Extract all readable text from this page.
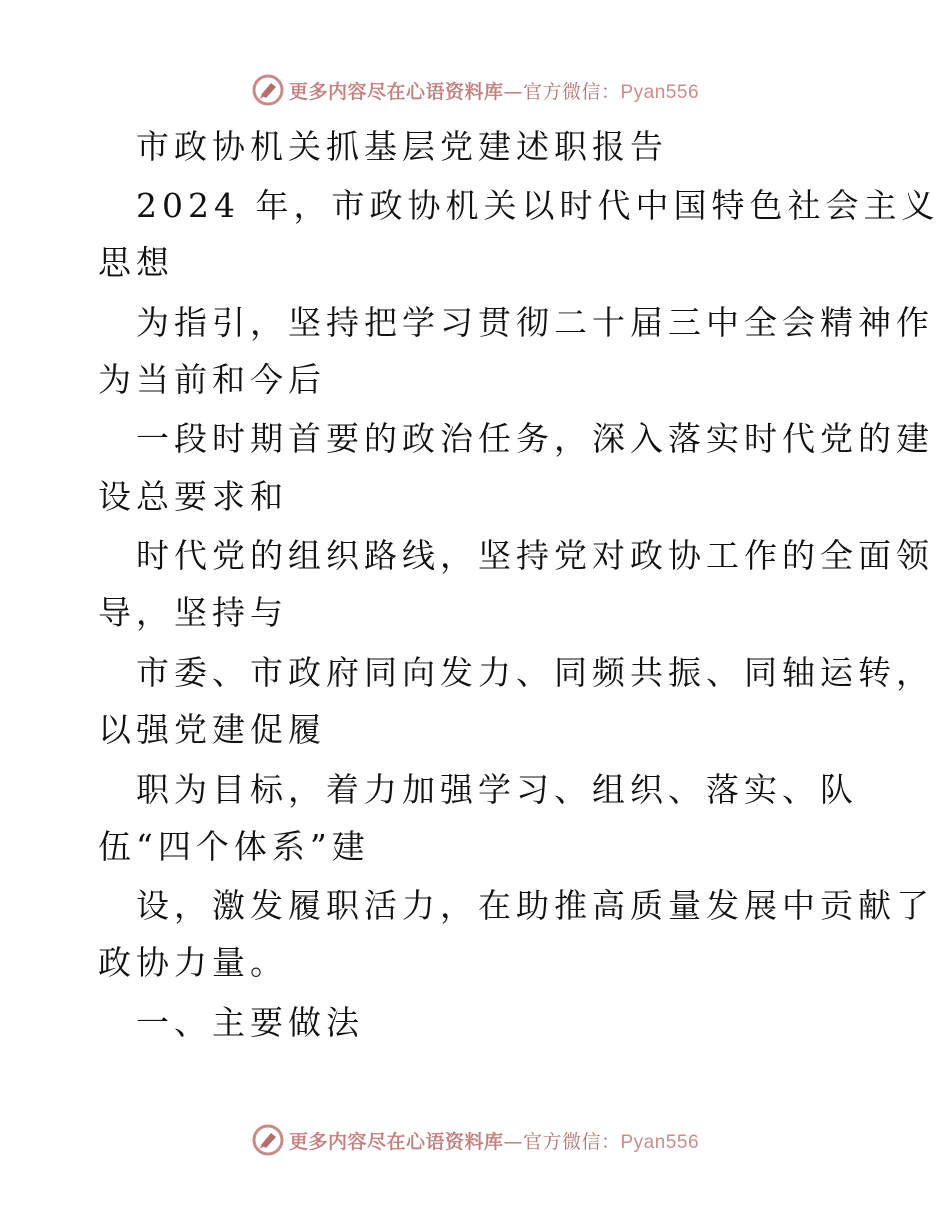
更多内容尽在心语资料库—官方微信：Pyan556
市政协机关抓基层党建述职报告
2024 年，市政协机关以时代中国特色社会主义
思想
为指引，坚持把学习贯彻二十届三中全会精神作
为当前和今后
一段时期首要的政治任务，深入落实时代党的建
设总要求和
时代党的组织路线，坚持党对政协工作的全面领
导，坚持与
市委、市政府同向发力、同频共振、同轴运转，
以强党建促履
职为目标，着力加强学习、组织、落实、队
伍“四个体系”建
设，激发履职活力，在助推高质量发展中贡献了
政协力量。
一、主要做法
更多内容尽在心语资料库—官方微信：Pyan556
